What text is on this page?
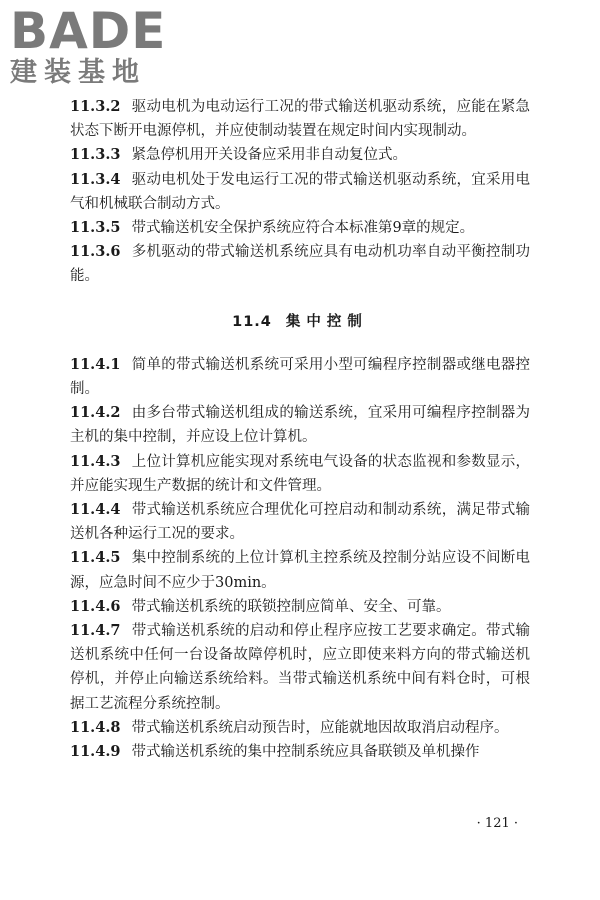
BADE
建装基地

11.3.2 驱动电机为电动运行工况的带式输送机驱动系统，应能在紧急状态下断开电源停机，并应使制动装置在规定时间内实现制动。

11.3.3 紧急停机用开关设备应采用非自动复位式。

11.3.4 驱动电机处于发电运行工况的带式输送机驱动系统，宜采用电气和机械联合制动方式。

11.3.5 带式输送机安全保护系统应符合本标准第9章的规定。

11.3.6 多机驱动的带式输送机系统应具有电动机功率自动平衡控制功能。

11.4 集中控制

11.4.1 简单的带式输送机系统可采用小型可编程序控制器或继电器控制。

11.4.2 由多台带式输送机组成的输送系统，宜采用可编程序控制器为主机的集中控制，并应设上位计算机。

11.4.3 上位计算机应能实现对系统电气设备的状态监视和参数显示，并应能实现生产数据的统计和文件管理。

11.4.4 带式输送机系统应合理优化可控启动和制动系统，满足带式输送机各种运行工况的要求。

11.4.5 集中控制系统的上位计算机主控系统及控制分站应设不间断电源，应急时间不应少于30min。

11.4.6 带式输送机系统的联锁控制应简单、安全、可靠。

11.4.7 带式输送机系统的启动和停止程序应按工艺要求确定。带式输送机系统中任何一台设备故障停机时，应立即使来料方向的带式输送机停机，并停止向输送系统给料。当带式输送机系统中间有料仓时，可根据工艺流程分系统控制。

11.4.8 带式输送机系统启动预告时，应能就地因故取消启动程序。

11.4.9 带式输送机系统的集中控制系统应具备联锁及单机操作

· 121 ·
